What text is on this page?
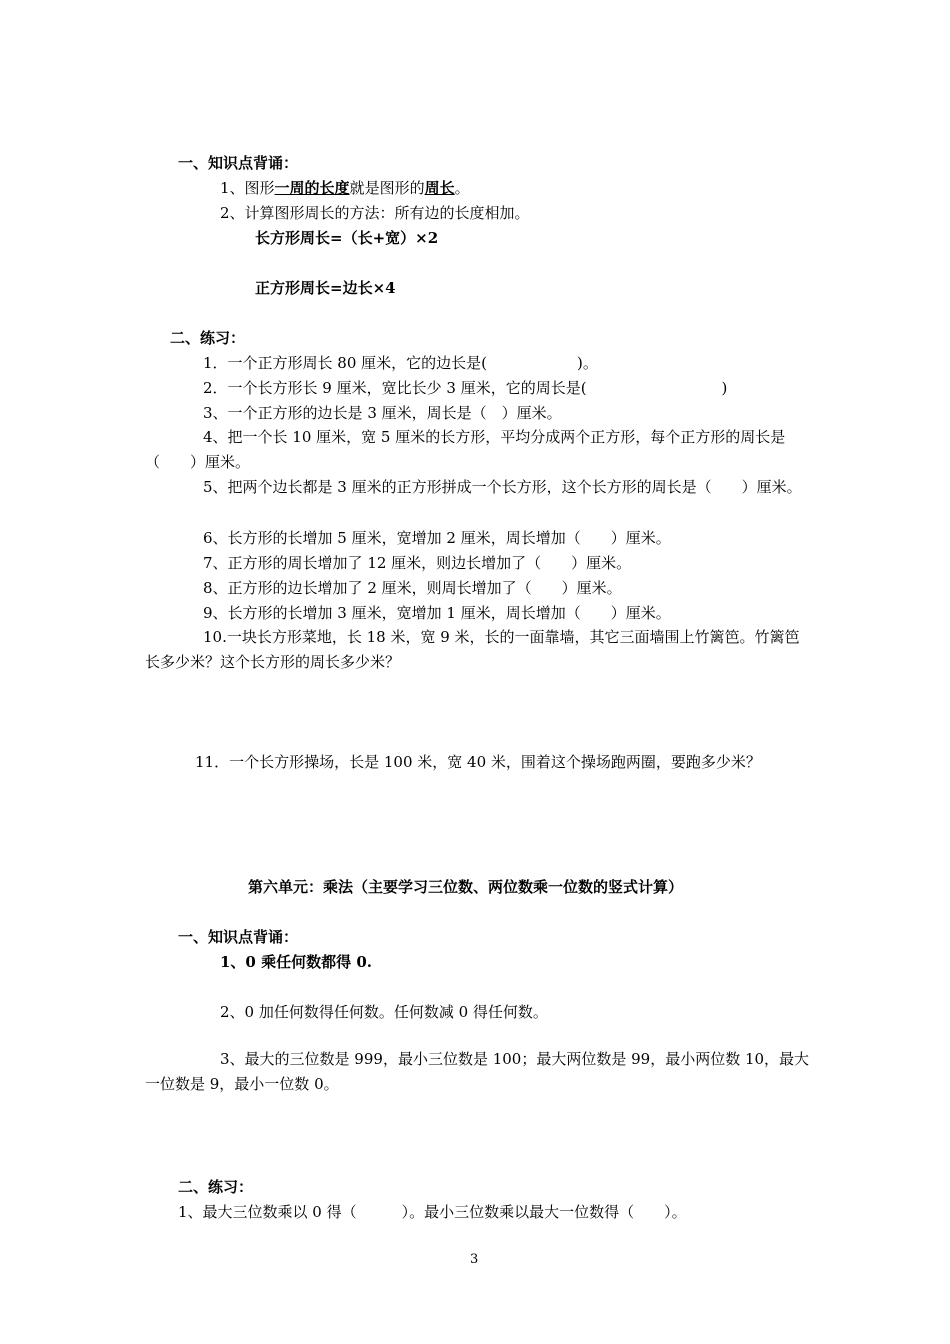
一、知识点背诵：
1、图形一周的长度就是图形的周长。
2、计算图形周长的方法：所有边的长度相加。
长方形周长=（长+宽）×2
正方形周长=边长×4
二、练习：
1．一个正方形周长 80 厘米，它的边长是(　　　　　　)。
2．一个长方形长 9 厘米，宽比长少 3 厘米，它的周长是(　　　　　　　　　)
3、一个正方形的边长是 3 厘米，周长是（　）厘米。
4、把一个长 10 厘米，宽 5 厘米的长方形，平均分成两个正方形，每个正方形的周长是（　　）厘米。
5、把两个边长都是 3 厘米的正方形拼成一个长方形，这个长方形的周长是（　　）厘米。
6、长方形的长增加 5 厘米，宽增加 2 厘米，周长增加（　　）厘米。
7、正方形的周长增加了 12 厘米，则边长增加了（　　）厘米。
8、正方形的边长增加了 2 厘米，则周长增加了（　　）厘米。
9、长方形的长增加 3 厘米，宽增加 1 厘米，周长增加（　　）厘米。
10.一块长方形菜地，长 18 米，宽 9 米，长的一面靠墙，其它三面墙围上竹篱笆。竹篱笆长多少米？这个长方形的周长多少米？
11．一个长方形操场，长是 100 米，宽 40 米，围着这个操场跑两圈，要跑多少米？
第六单元：乘法（主要学习三位数、两位数乘一位数的竖式计算）
一、知识点背诵：
1、0 乘任何数都得 0.
2、0 加任何数得任何数。任何数减 0 得任何数。
3、最大的三位数是 999，最小三位数是 100；最大两位数是 99，最小两位数 10，最大一位数是 9，最小一位数 0。
二、练习：
1、最大三位数乘以 0 得（　　　）。最小三位数乘以最大一位数得（　　）。
3
